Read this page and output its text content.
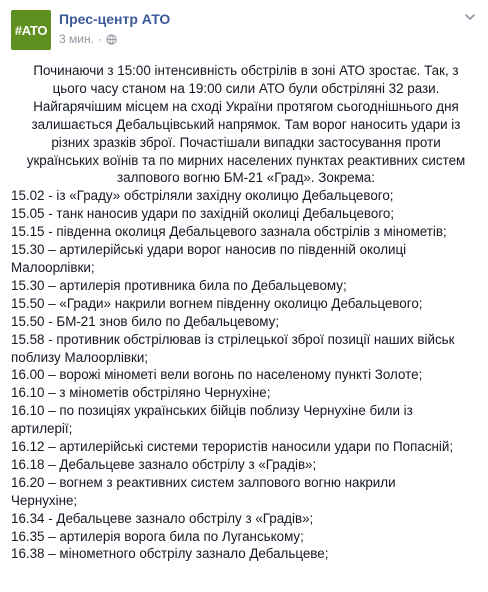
#ATO
Прес-центр АТО
3 мин. ·

Починаючи з 15:00 інтенсивність обстрілів в зоні АТО зростає. Так, з

цього часу станом на 19:00 сили АТО були обстріляні 32 рази.

Найгарячішим місцем на сході України протягом сьогоднішнього дня

залишається Дебальцівський напрямок. Там ворог наносить удари із

різних зразків зброї. Почастішали випадки застосування проти

українських воїнів та по мирних населених пунктах реактивних систем

залпового вогню БМ-21 «Град». Зокрема:

15.02 - із «Граду» обстріляли західну околицю Дебальцевого;

15.05 - танк наносив удари по західній околиці Дебальцевого;

15.15 - південна околиця Дебальцевого зазнала обстрілів з мінометів;

15.30 – артилерійські удари ворог наносив по південній околиці

Малоорлівки;

15.30 – артилерія противника била по Дебальцевому;

15.50 – «Гради» накрили вогнем південну околицю Дебальцевого;

15.50 - БМ-21 знов било по Дебальцевому;

15.58 - противник обстрілював із стрілецької зброї позиції наших військ

поблизу Малоорлівки;

16.00 – ворожі мінометі вели вогонь по населеному пункті Золоте;

16.10 – з мінометів обстріляно Чернухіне;

16.10 – по позиціях українських бійців поблизу Чернухіне били із

артилерії;

16.12 – артилерійські системи терористів наносили удари по Попасній;

16.18 – Дебальцеве зазнало обстрілу з «Градів»;

16.20 – вогнем з реактивних систем залпового вогню накрили

Чернухіне;

16.34 - Дебальцеве зазнало обстрілу з «Градів»;

16.35 – артилерія ворога била по Луганському;

16.38 – мінометного обстрілу зазнало Дебальцеве;
